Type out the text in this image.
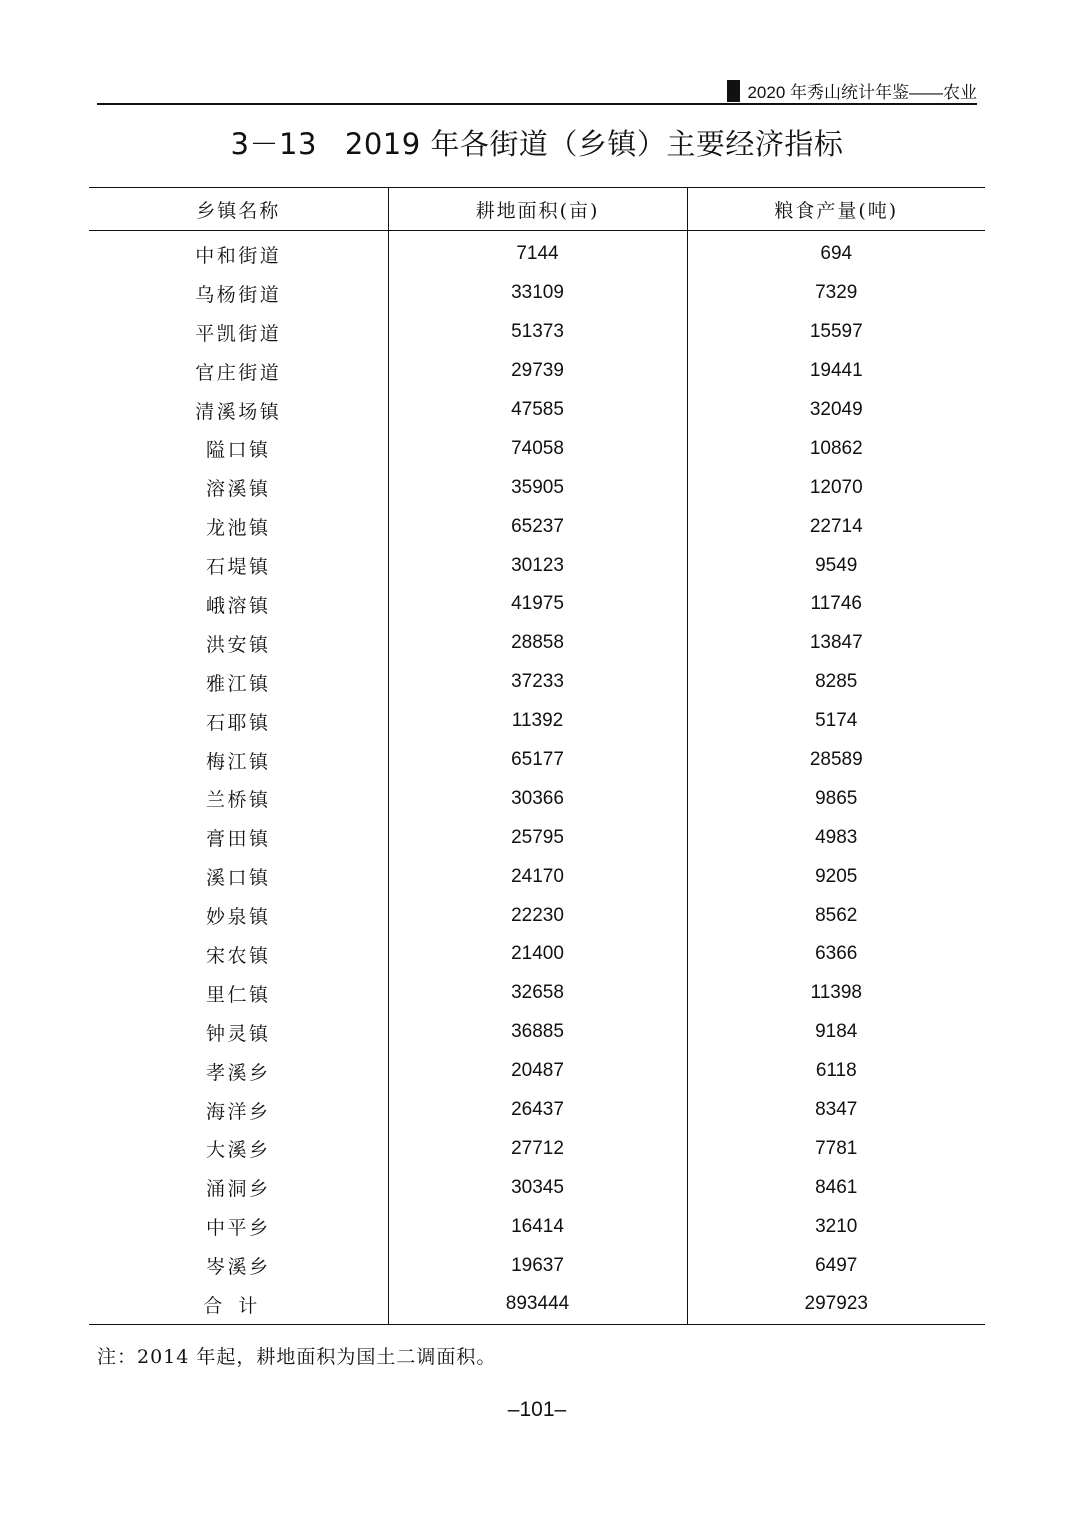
2020 年秀山统计年鉴——农业
3－13 2019 年各街道（乡镇）主要经济指标
乡镇名称	耕地面积(亩)	粮食产量(吨)
中和街道	7144	694
乌杨街道	33109	7329
平凯街道	51373	15597
官庄街道	29739	19441
清溪场镇	47585	32049
隘口镇	74058	10862
溶溪镇	35905	12070
龙池镇	65237	22714
石堤镇	30123	9549
峨溶镇	41975	11746
洪安镇	28858	13847
雅江镇	37233	8285
石耶镇	11392	5174
梅江镇	65177	28589
兰桥镇	30366	9865
膏田镇	25795	4983
溪口镇	24170	9205
妙泉镇	22230	8562
宋农镇	21400	6366
里仁镇	32658	11398
钟灵镇	36885	9184
孝溪乡	20487	6118
海洋乡	26437	8347
大溪乡	27712	7781
涌洞乡	30345	8461
中平乡	16414	3210
岑溪乡	19637	6497
合计	893444	297923
注：2014 年起，耕地面积为国土二调面积。
–101–
